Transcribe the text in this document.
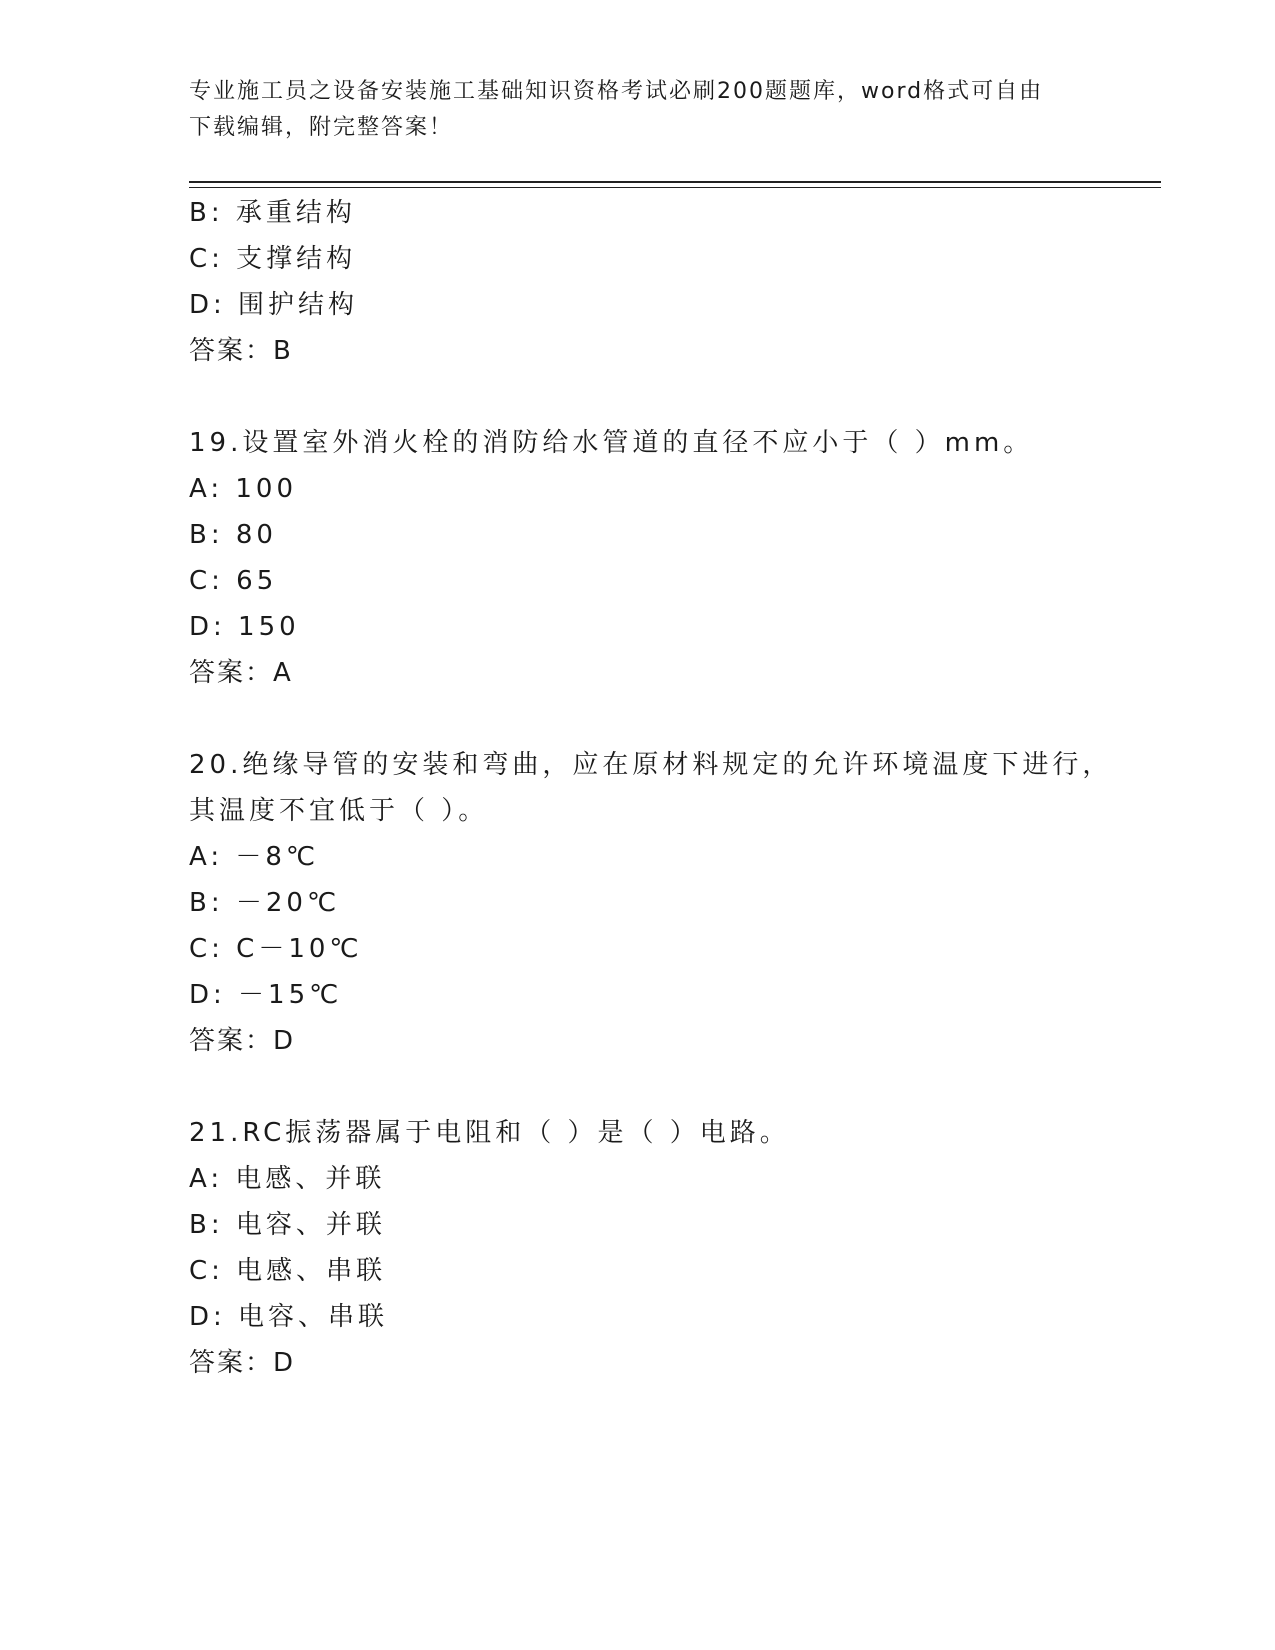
专业施工员之设备安装施工基础知识资格考试必刷200题题库，word格式可自由
下载编辑，附完整答案！
B: 承重结构
C: 支撑结构
D: 围护结构
答案：B
19.设置室外消火栓的消防给水管道的直径不应小于（ ）mm。
A: 100
B: 80
C: 65
D: 150
答案：A
20.绝缘导管的安装和弯曲，应在原材料规定的允许环境温度下进行，
其温度不宜低于（ ）。
A: －8℃
B: －20℃
C: C－10℃
D: －15℃
答案：D
21.RC振荡器属于电阻和（ ）是（ ）电路。
A: 电感、并联
B: 电容、并联
C: 电感、串联
D: 电容、串联
答案：D
